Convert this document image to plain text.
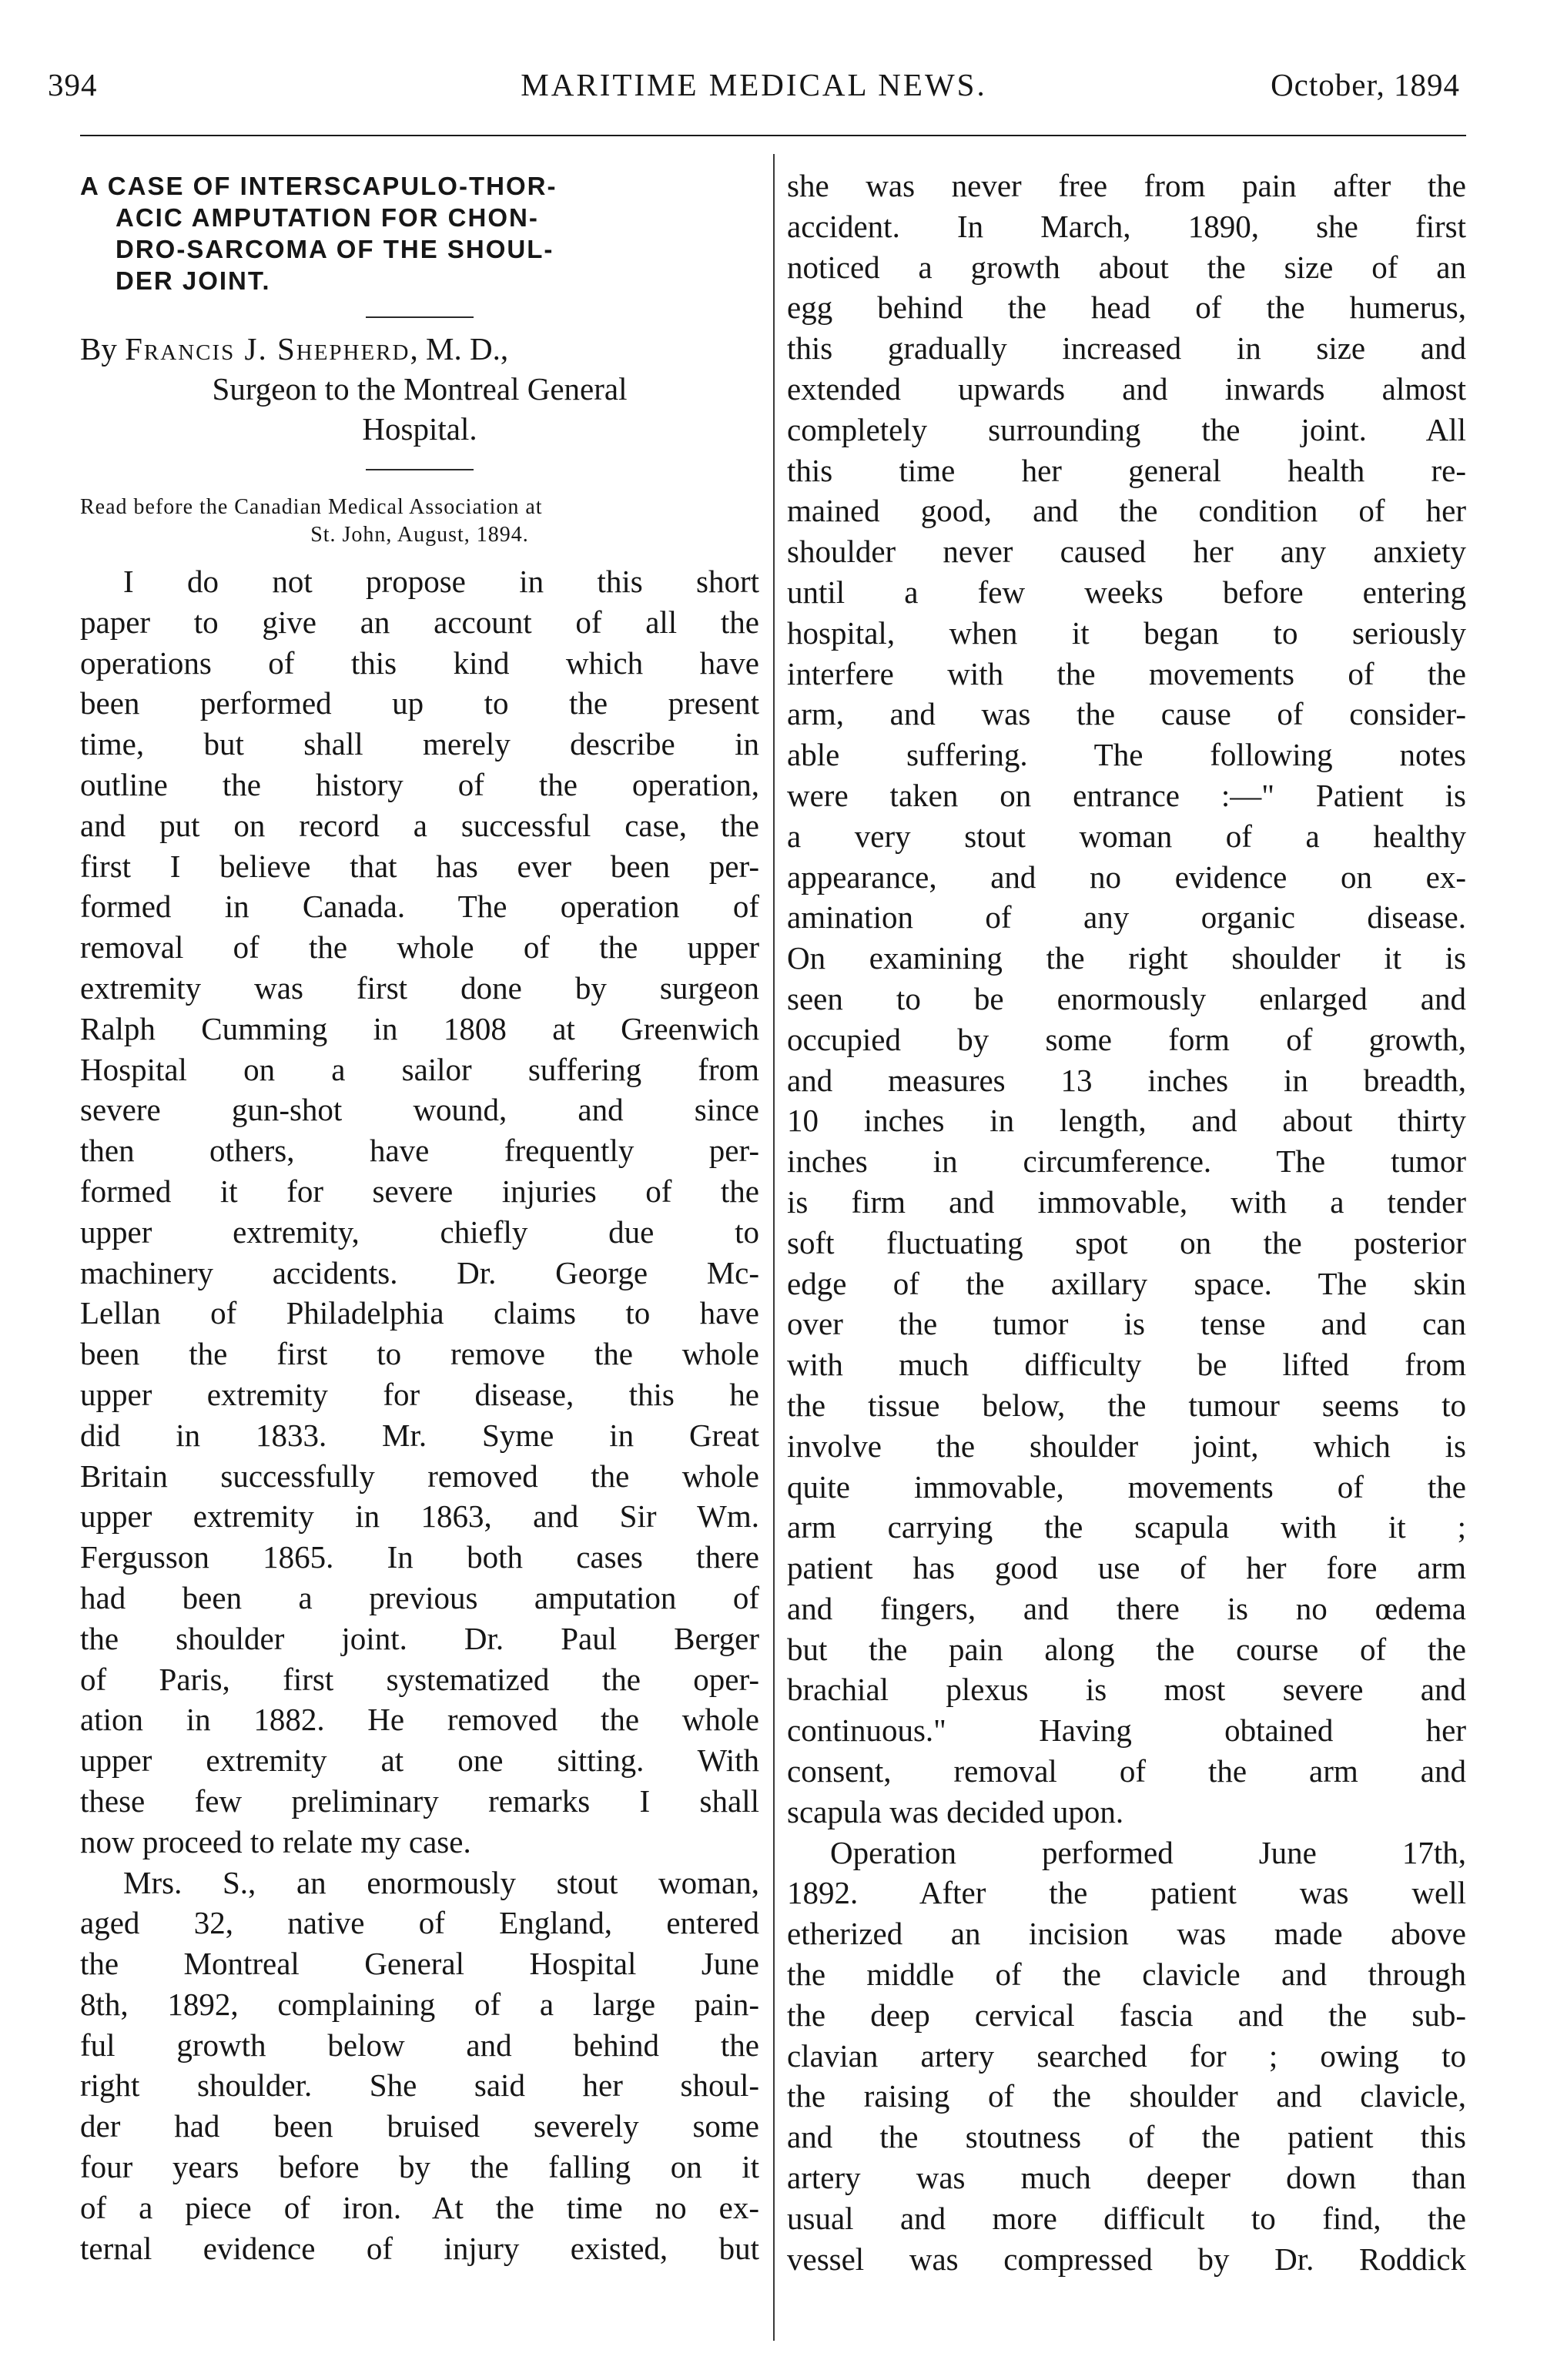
394	MARITIME MEDICAL NEWS.	October, 1894
A CASE OF INTERSCAPULO-THOR-
ACIC AMPUTATION FOR CHON-
DRO-SARCOMA OF THE SHOUL-
DER JOINT.
By Francis J. Shepherd, M. D.,
Surgeon to the Montreal General
Hospital.
Read before the Canadian Medical Association at
St. John, August, 1894.
I do not propose in this short
paper to give an account of all the
operations of this kind which have
been performed up to the present
time, but shall merely describe in
outline the history of the operation,
and put on record a successful case, the
first I believe that has ever been per-
formed in Canada. The operation of
removal of the whole of the upper
extremity was first done by surgeon
Ralph Cumming in 1808 at Greenwich
Hospital on a sailor suffering from
severe gun-shot wound, and since
then others, have frequently per-
formed it for severe injuries of the
upper extremity, chiefly due to
machinery accidents. Dr. George Mc-
Lellan of Philadelphia claims to have
been the first to remove the whole
upper extremity for disease, this he
did in 1833. Mr. Syme in Great
Britain successfully removed the whole
upper extremity in 1863, and Sir Wm.
Fergusson 1865. In both cases there
had been a previous amputation of
the shoulder joint. Dr. Paul Berger
of Paris, first systematized the oper-
ation in 1882. He removed the whole
upper extremity at one sitting. With
these few preliminary remarks I shall
now proceed to relate my case.
Mrs. S., an enormously stout woman,
aged 32, native of England, entered
the Montreal General Hospital June
8th, 1892, complaining of a large pain-
ful growth below and behind the
right shoulder. She said her shoul-
der had been bruised severely some
four years before by the falling on it
of a piece of iron. At the time no ex-
ternal evidence of injury existed, but
she was never free from pain after the
accident. In March, 1890, she first
noticed a growth about the size of an
egg behind the head of the humerus,
this gradually increased in size and
extended upwards and inwards almost
completely surrounding the joint. All
this time her general health re-
mained good, and the condition of her
shoulder never caused her any anxiety
until a few weeks before entering
hospital, when it began to seriously
interfere with the movements of the
arm, and was the cause of consider-
able suffering. The following notes
were taken on entrance :—" Patient is
a very stout woman of a healthy
appearance, and no evidence on ex-
amination of any organic disease.
On examining the right shoulder it is
seen to be enormously enlarged and
occupied by some form of growth,
and measures 13 inches in breadth,
10 inches in length, and about thirty
inches in circumference. The tumor
is firm and immovable, with a tender
soft fluctuating spot on the posterior
edge of the axillary space. The skin
over the tumor is tense and can
with much difficulty be lifted from
the tissue below, the tumour seems to
involve the shoulder joint, which is
quite immovable, movements of the
arm carrying the scapula with it ;
patient has good use of her fore arm
and fingers, and there is no œdema
but the pain along the course of the
brachial plexus is most severe and
continuous." Having obtained her
consent, removal of the arm and
scapula was decided upon.
Operation performed June 17th,
1892. After the patient was well
etherized an incision was made above
the middle of the clavicle and through
the deep cervical fascia and the sub-
clavian artery searched for ; owing to
the raising of the shoulder and clavicle,
and the stoutness of the patient this
artery was much deeper down than
usual and more difficult to find, the
vessel was compressed by Dr. Roddick
